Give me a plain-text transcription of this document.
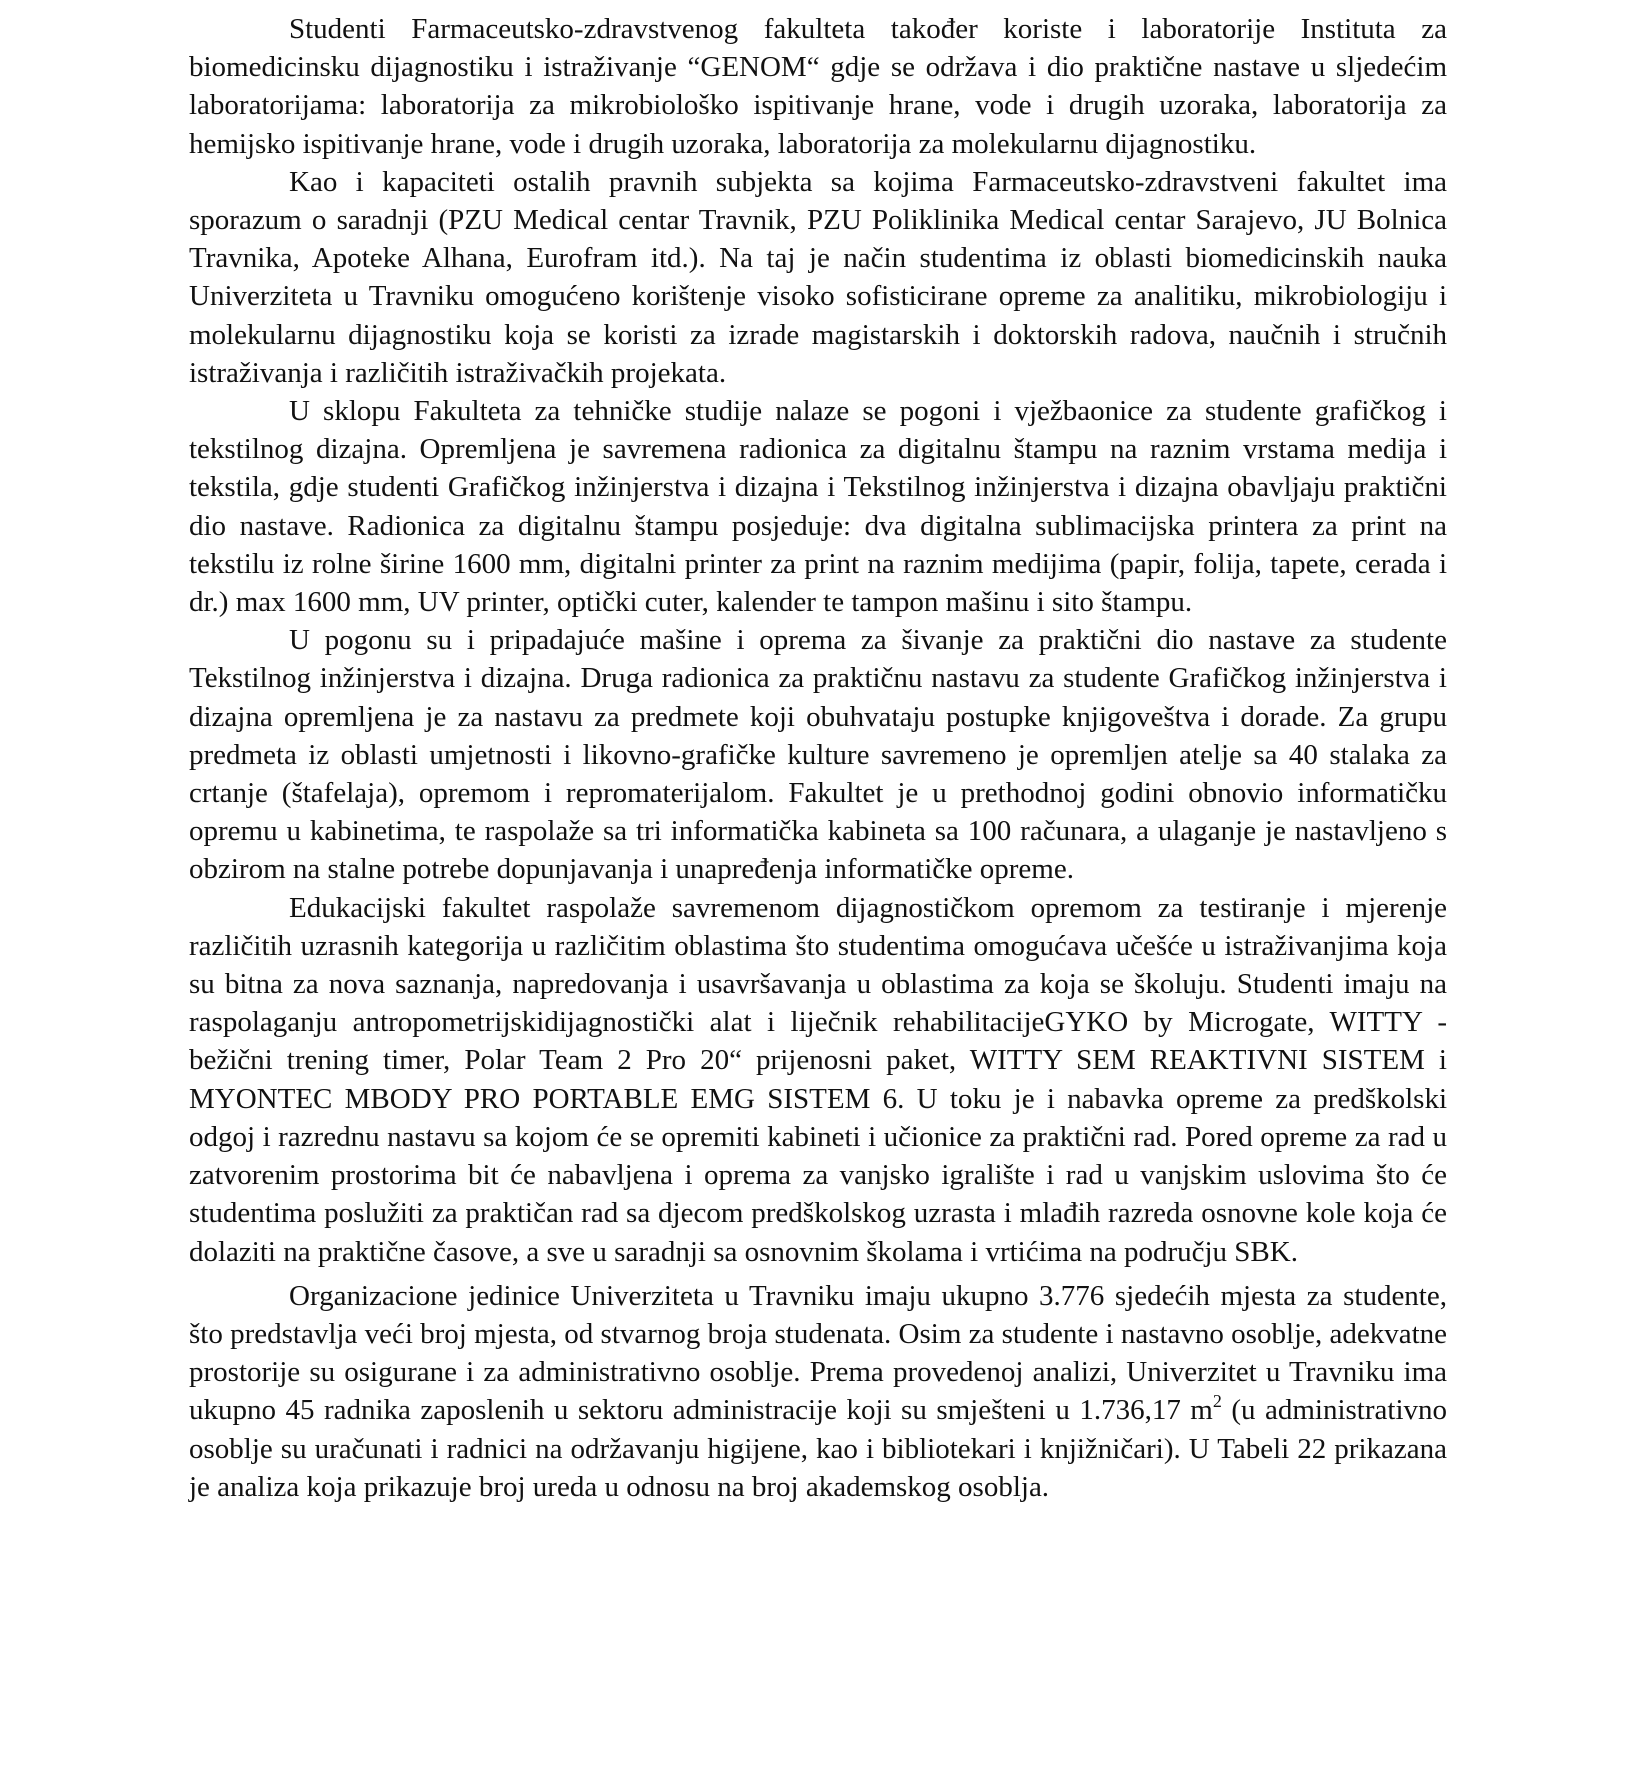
Studenti Farmaceutsko-zdravstvenog fakulteta također koriste i laboratorije Instituta za biomedicinsku dijagnostiku i istraživanje “GENOM“ gdje se održava i dio praktične nastave u sljedećim laboratorijama: laboratorija za mikrobiološko ispitivanje hrane, vode i drugih uzoraka, laboratorija za hemijsko ispitivanje hrane, vode i drugih uzoraka, laboratorija za molekularnu dijagnostiku.

Kao i kapaciteti ostalih pravnih subjekta sa kojima Farmaceutsko-zdravstveni fakultet ima sporazum o saradnji (PZU Medical centar Travnik, PZU Poliklinika Medical centar Sarajevo, JU Bolnica Travnika, Apoteke Alhana, Eurofram itd.). Na taj je način studentima iz oblasti biomedicinskih nauka Univerziteta u Travniku omogućeno korištenje visoko sofisticirane opreme za analitiku, mikrobiologiju i molekularnu dijagnostiku koja se koristi za izrade magistarskih i doktorskih radova, naučnih i stručnih istraživanja i različitih istraživačkih projekata.

U sklopu Fakulteta za tehničke studije nalaze se pogoni i vježbaonice za studente grafičkog i tekstilnog dizajna. Opremljena je savremena radionica za digitalnu štampu na raznim vrstama medija i tekstila, gdje studenti Grafičkog inžinjerstva i dizajna i Tekstilnog inžinjerstva i dizajna obavljaju praktični dio nastave. Radionica za digitalnu štampu posjeduje: dva digitalna sublimacijska printera za print na tekstilu iz rolne širine 1600 mm, digitalni printer za print na raznim medijima (papir, folija, tapete, cerada i dr.) max 1600 mm, UV printer, optički cuter, kalender te tampon mašinu i sito štampu.

U pogonu su i pripadajuće mašine i oprema za šivanje za praktični dio nastave za studente Tekstilnog inžinjerstva i dizajna. Druga radionica za praktičnu nastavu za studente Grafičkog inžinjerstva i dizajna opremljena je za nastavu za predmete koji obuhvataju postupke knjigoveštva i dorade. Za grupu predmeta iz oblasti umjetnosti i likovno-grafičke kulture savremeno je opremljen atelje sa 40 stalaka za crtanje (štafelaja), opremom i repromaterijalom. Fakultet je u prethodnoj godini obnovio informatičku opremu u kabinetima, te raspolaže sa tri informatička kabineta sa 100 računara, a ulaganje je nastavljeno s obzirom na stalne potrebe dopunjavanja i unapređenja informatičke opreme.

Edukacijski fakultet raspolaže savremenom dijagnostičkom opremom za testiranje i mjerenje različitih uzrasnih kategorija u različitim oblastima što studentima omogućava učešće u istraživanjima koja su bitna za nova saznanja, napredovanja i usavršavanja u oblastima za koja se školuju. Studenti imaju na raspolaganju antropometrijskidijagnostički alat i liječnik rehabilitacijeGYKO by Microgate, WITTY - bežični trening timer, Polar Team 2 Pro 20“ prijenosni paket, WITTY SEM REAKTIVNI SISTEM i MYONTEC MBODY PRO PORTABLE EMG SISTEM 6. U toku je i nabavka opreme za predškolski odgoj i razrednu nastavu sa kojom će se opremiti kabineti i učionice za praktični rad. Pored opreme za rad u zatvorenim prostorima bit će nabavljena i oprema za vanjsko igralište i rad u vanjskim uslovima što će studentima poslužiti za praktičan rad sa djecom predškolskog uzrasta i mlađih razreda osnovne kole koja će dolaziti na praktične časove, a sve u saradnji sa osnovnim školama i vrtićima na području SBK.

Organizacione jedinice Univerziteta u Travniku imaju ukupno 3.776 sjedećih mjesta za studente, što predstavlja veći broj mjesta, od stvarnog broja studenata. Osim za studente i nastavno osoblje, adekvatne prostorije su osigurane i za administrativno osoblje. Prema provedenoj analizi, Univerzitet u Travniku ima ukupno 45 radnika zaposlenih u sektoru administracije koji su smješteni u 1.736,17 $m^2$ (u administrativno osoblje su uračunati i radnici na održavanju higijene, kao i bibliotekari i knjižničari). U Tabeli 22 prikazana je analiza koja prikazuje broj ureda u odnosu na broj akademskog osoblja.
